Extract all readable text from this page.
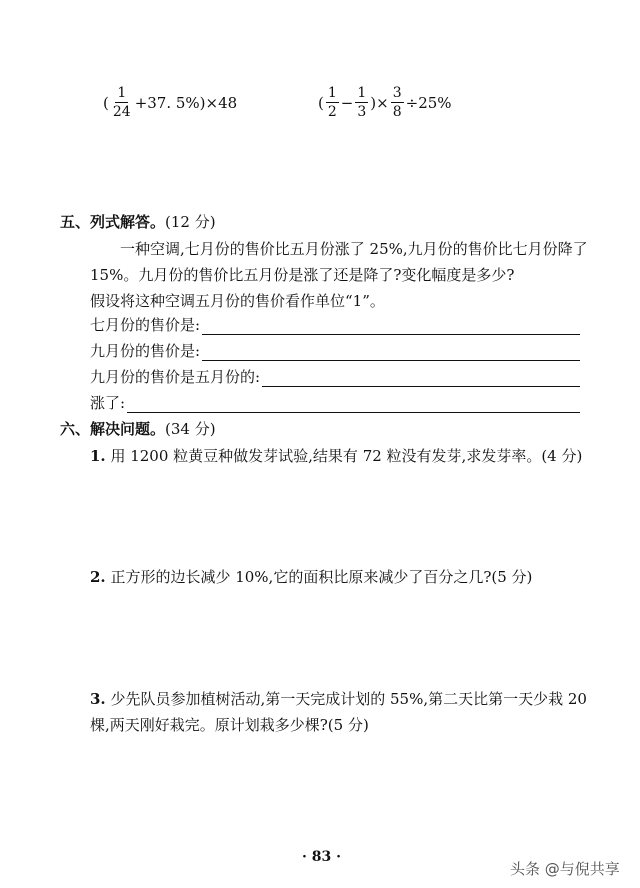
( $\frac{1}{24} +37$. 5%)×48	( $\frac{1}{2} - \frac{1}{3}$ )× $\frac{3}{8} \div 25\%$
五、列式解答。(12 分)
一种空调,七月份的售价比五月份涨了 25%,九月份的售价比七月份降了
15%。九月份的售价比五月份是涨了还是降了?变化幅度是多少?
假设将这种空调五月份的售价看作单位“1”。
七月份的售价是:
九月份的售价是:
九月份的售价是五月份的:
涨了:
六、解决问题。(34 分)
1. 用 1200 粒黄豆种做发芽试验,结果有 72 粒没有发芽,求发芽率。(4 分)
2. 正方形的边长减少 10%,它的面积比原来减少了百分之几?(5 分)
3. 少先队员参加植树活动,第一天完成计划的 55%,第二天比第一天少栽 20
棵,两天刚好栽完。原计划栽多少棵?(5 分)
· 83 ·
头条 @与倪共享
